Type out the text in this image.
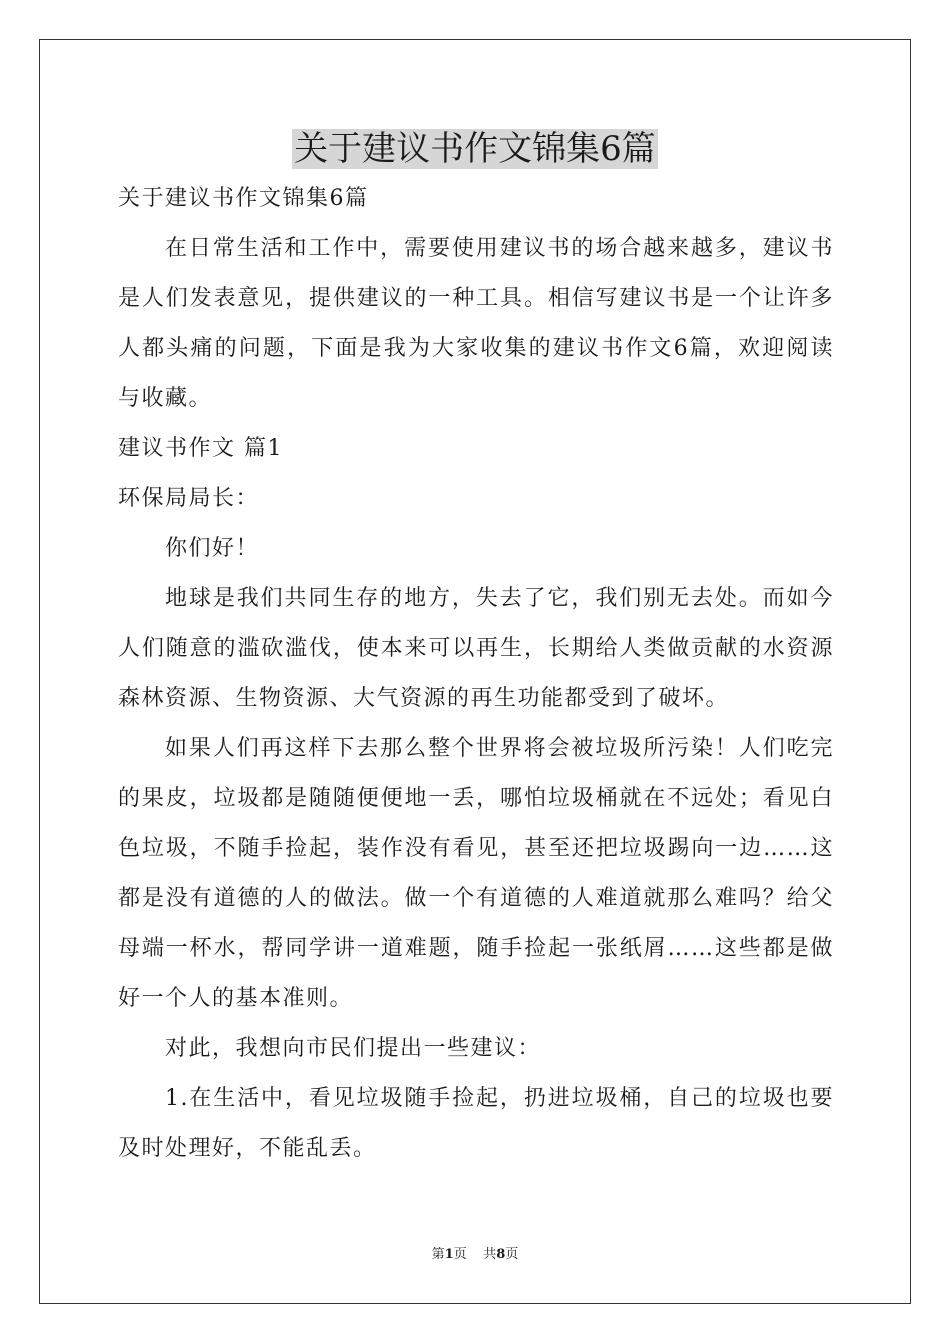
关于建议书作文锦集6篇

关于建议书作文锦集6篇

在日常生活和工作中，需要使用建议书的场合越来越多，建议书是人们发表意见，提供建议的一种工具。相信写建议书是一个让许多人都头痛的问题，下面是我为大家收集的建议书作文6篇，欢迎阅读与收藏。

建议书作文 篇1

环保局局长：

你们好！

地球是我们共同生存的地方，失去了它，我们别无去处。而如今人们随意的滥砍滥伐，使本来可以再生，长期给人类做贡献的水资源森林资源、生物资源、大气资源的再生功能都受到了破坏。

如果人们再这样下去那么整个世界将会被垃圾所污染！人们吃完的果皮，垃圾都是随随便便地一丢，哪怕垃圾桶就在不远处；看见白色垃圾，不随手捡起，装作没有看见，甚至还把垃圾踢向一边……这都是没有道德的人的做法。做一个有道德的人难道就那么难吗？给父母端一杯水，帮同学讲一道难题，随手捡起一张纸屑……这些都是做好一个人的基本准则。

对此，我想向市民们提出一些建议：

1.在生活中，看见垃圾随手捡起，扔进垃圾桶，自己的垃圾也要及时处理好，不能乱丢。

第1页 共8页
